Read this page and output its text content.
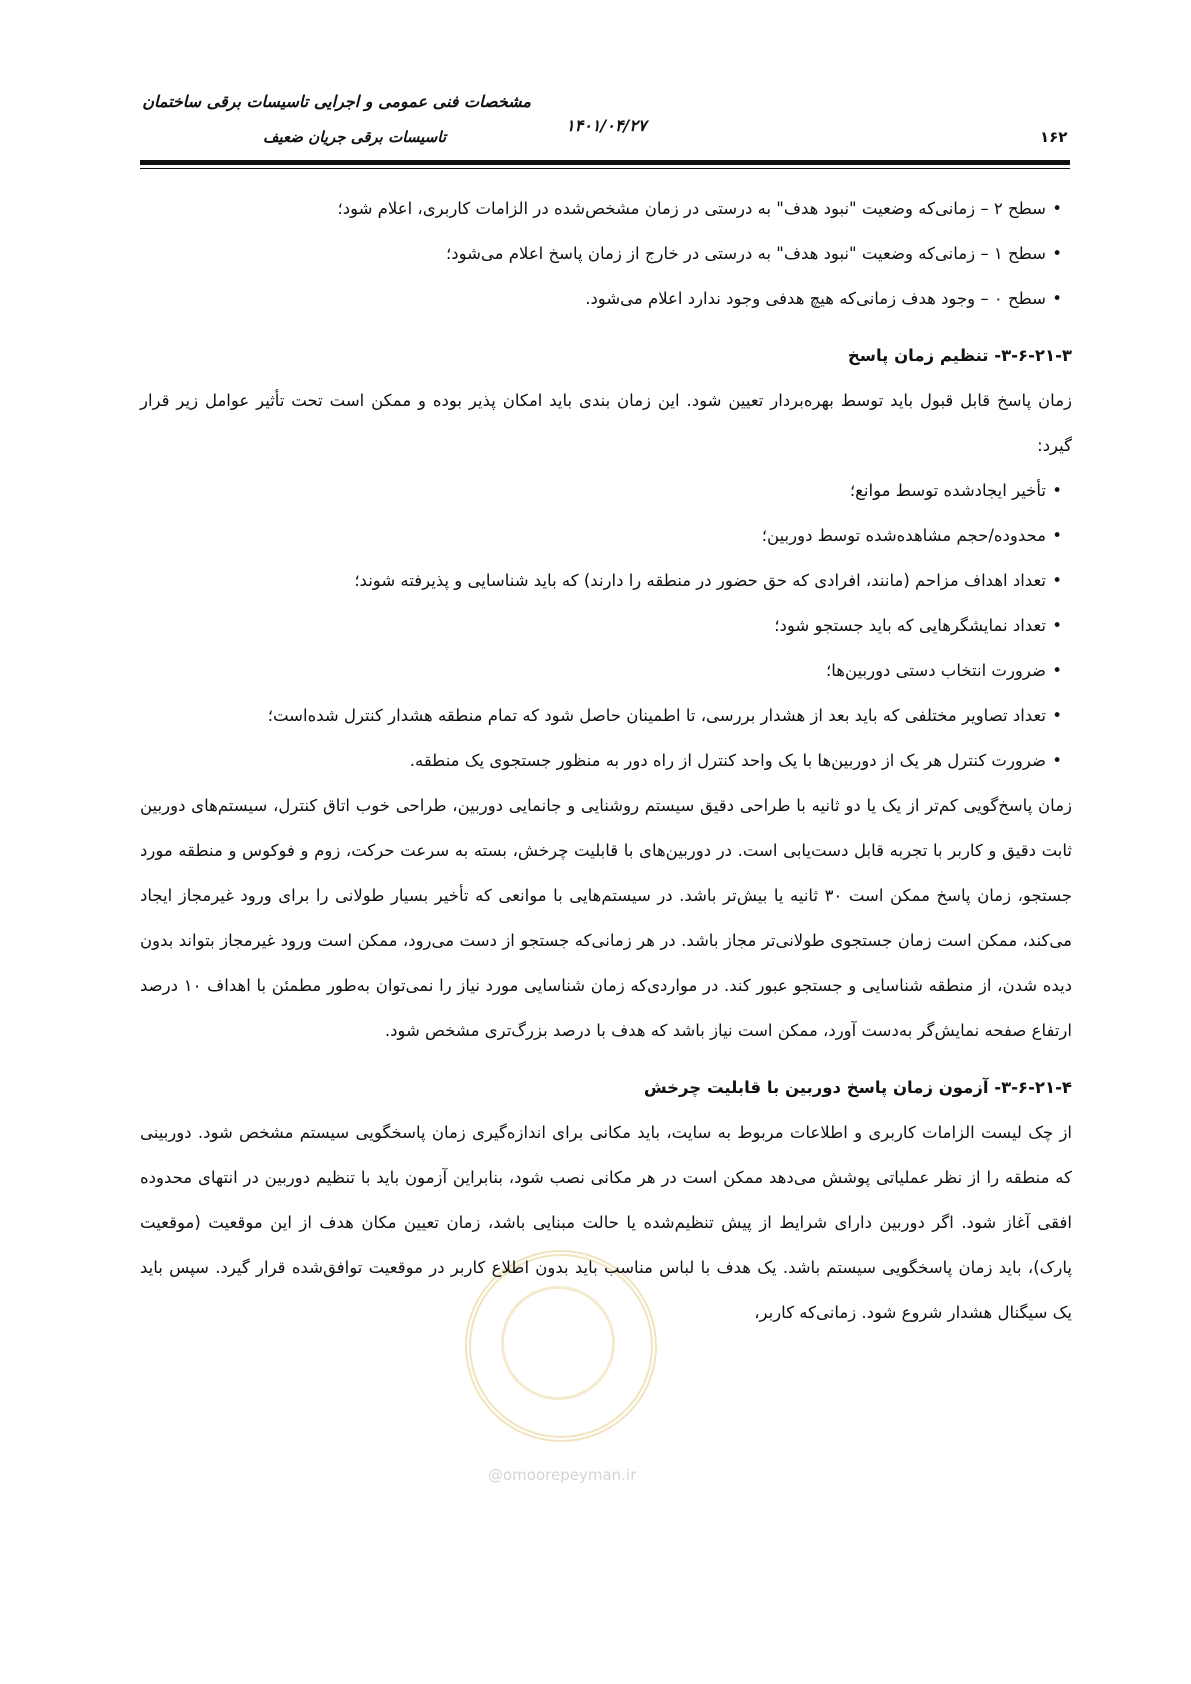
مشخصات فنی عمومی و اجرایی تاسیسات برقی ساختمان
تاسیسات برقی جریان ضعیف
۱۴۰۱/۰۴/۲۷
۱۶۲
@omoorepeyman.ir
•
سطح ۲ – زمانی‌که وضعیت "نبود هدف" به درستی در زمان مشخص‌شده در الزامات کاربری، اعلام شود؛
•
سطح ۱ – زمانی‌که وضعیت "نبود هدف" به درستی در خارج از زمان پاسخ اعلام می‌شود؛
•
سطح ۰ – وجود هدف زمانی‌که هیچ هدفی وجود ندارد اعلام می‌شود.
۳-۶-۲۱-۳- تنظیم زمان پاسخ

زمان پاسخ قابل قبول باید توسط بهره‌بردار تعیین شود. این زمان بندی باید امکان پذیر بوده و ممکن است تحت تأثیر عوامل زیر قرار گیرد:

•
تأخیر ایجادشده توسط موانع؛
•
محدوده/حجم مشاهده‌شده توسط دوربین؛
•
تعداد اهداف مزاحم (مانند، افرادی که حق حضور در منطقه را دارند) که باید شناسایی و پذیرفته شوند؛
•
تعداد نمایشگرهایی که باید جستجو شود؛
•
ضرورت انتخاب دستی دوربین‌ها؛
•
تعداد تصاویر مختلفی که باید بعد از هشدار بررسی، تا اطمینان حاصل شود که تمام منطقه هشدار کنترل شده‌است؛
•
ضرورت کنترل هر یک از دوربین‌ها با یک واحد کنترل از راه دور به منظور جستجوی یک منطقه.

زمان پاسخ‌گویی کم‌تر از یک یا دو ثانیه با طراحی دقیق سیستم روشنایی و جانمایی دوربین، طراحی خوب اتاق کنترل، سیستم‌های دوربین ثابت دقیق و کاربر با تجربه قابل دست‌یابی است. در دوربین‌های با قابلیت چرخش، بسته به سرعت حرکت، زوم و فوکوس و منطقه مورد جستجو، زمان پاسخ ممکن است ۳۰ ثانیه یا بیش‌تر باشد. در سیستم‌هایی با موانعی که تأخیر بسیار طولانی را برای ورود غیرمجاز ایجاد می‌کند، ممکن است زمان جستجوی طولانی‌تر مجاز باشد. در هر زمانی‌که جستجو از دست می‌رود، ممکن است ورود غیرمجاز بتواند بدون دیده شدن، از منطقه شناسایی و جستجو عبور کند. در مواردی‌که زمان شناسایی مورد نیاز را نمی‌توان به‌طور مطمئن با اهداف ۱۰ درصد ارتفاع صفحه نمایش‌گر به‌دست آورد، ممکن است نیاز باشد که هدف با درصد بزرگ‌تری مشخص شود.

۳-۶-۲۱-۴- آزمون زمان پاسخ دوربین با قابلیت چرخش

از چک لیست الزامات کاربری و اطلاعات مربوط به سایت، باید مکانی برای اندازه‌گیری زمان پاسخگویی سیستم مشخص شود. دوربینی که منطقه را از نظر عملیاتی پوشش می‌دهد ممکن است در هر مکانی نصب شود، بنابراین آزمون باید با تنظیم دوربین در انتهای محدوده افقی آغاز شود. اگر دوربین دارای شرایط از پیش تنظیم‌شده یا حالت مبنایی باشد، زمان تعیین مکان هدف از این موقعیت (موقعیت پارک)، باید زمان پاسخگویی سیستم باشد. یک هدف با لباس مناسب باید بدون اطلاع کاربر در موقعیت توافق‌شده قرار گیرد. سپس باید یک سیگنال هشدار شروع شود. زمانی‌که کاربر،
